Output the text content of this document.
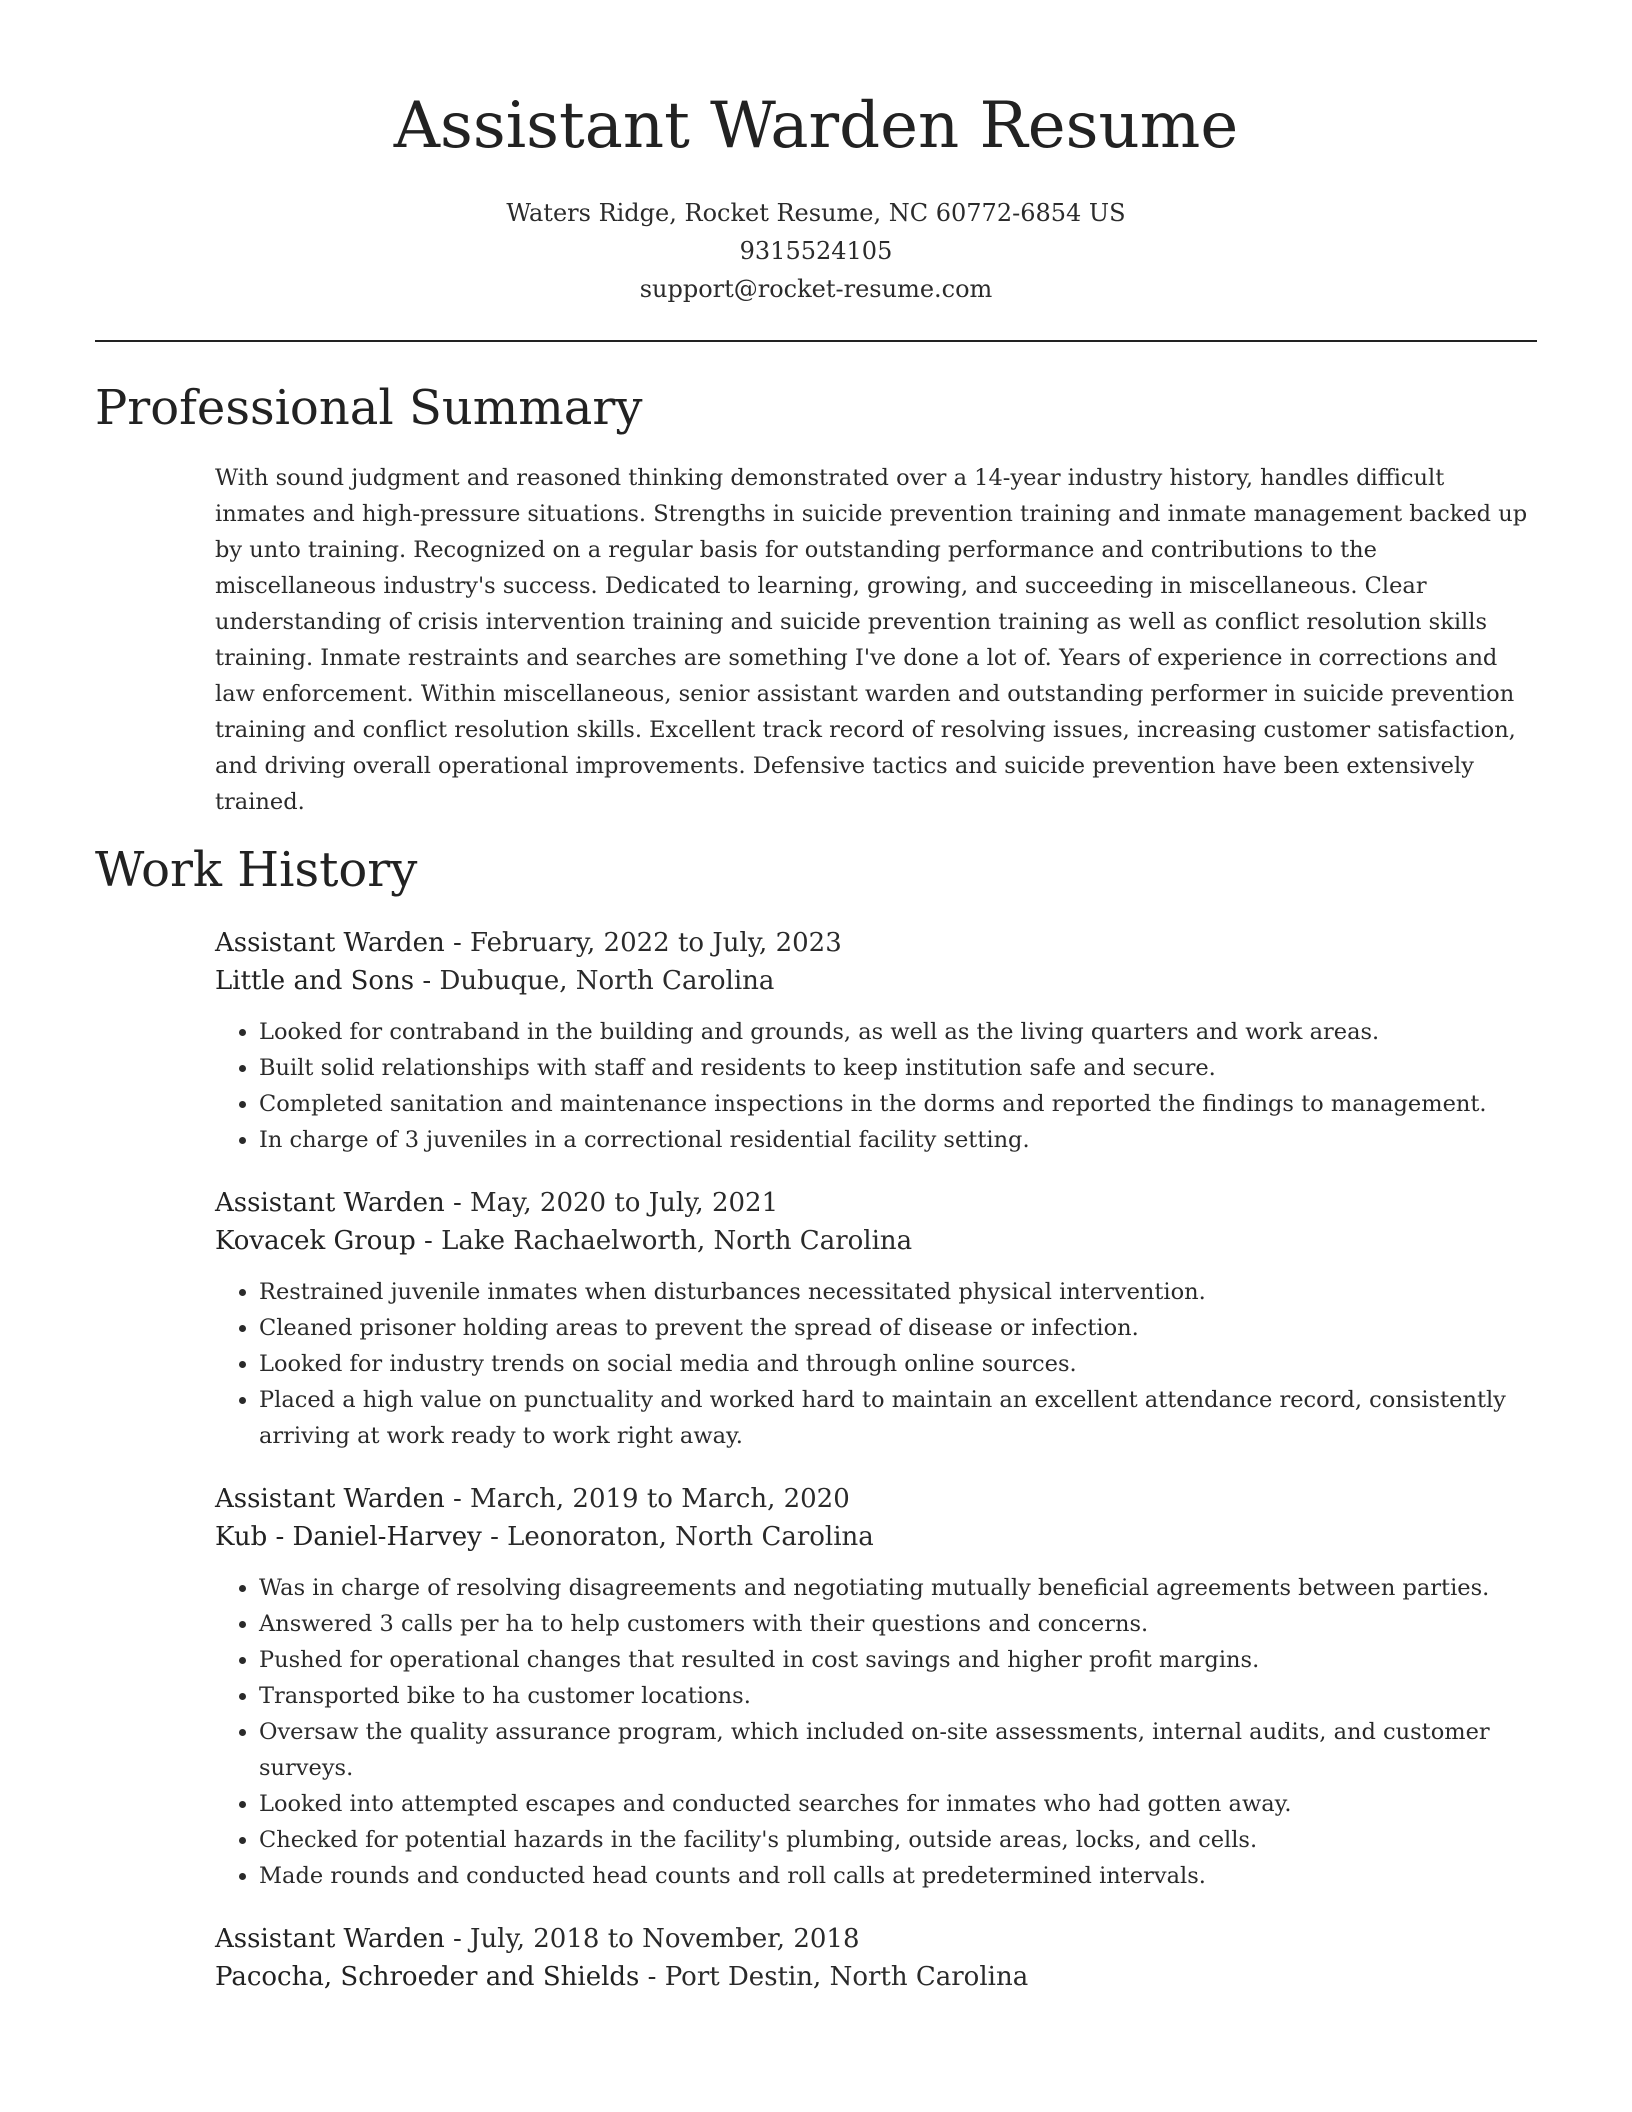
Assistant Warden Resume
Waters Ridge, Rocket Resume, NC 60772-6854 US
9315524105
support@rocket-resume.com
Professional Summary

With sound judgment and reasoned thinking demonstrated over a 14-year industry history, handles difficult inmates and high-pressure situations. Strengths in suicide prevention training and inmate management backed up by unto training. Recognized on a regular basis for outstanding performance and contributions to the miscellaneous industry's success. Dedicated to learning, growing, and succeeding in miscellaneous. Clear understanding of crisis intervention training and suicide prevention training as well as conflict resolution skills training. Inmate restraints and searches are something I've done a lot of. Years of experience in corrections and law enforcement. Within miscellaneous, senior assistant warden and outstanding performer in suicide prevention training and conflict resolution skills. Excellent track record of resolving issues, increasing customer satisfaction, and driving overall operational improvements. Defensive tactics and suicide prevention have been extensively trained.

Work History
Assistant Warden - February, 2022 to July, 2023
Little and Sons - Dubuque, North Carolina
• Looked for contraband in the building and grounds, as well as the living quarters and work areas.
• Built solid relationships with staff and residents to keep institution safe and secure.
• Completed sanitation and maintenance inspections in the dorms and reported the findings to management.
• In charge of 3 juveniles in a correctional residential facility setting.
Assistant Warden - May, 2020 to July, 2021
Kovacek Group - Lake Rachaelworth, North Carolina
• Restrained juvenile inmates when disturbances necessitated physical intervention.
• Cleaned prisoner holding areas to prevent the spread of disease or infection.
• Looked for industry trends on social media and through online sources.
• Placed a high value on punctuality and worked hard to maintain an excellent attendance record, consistently arriving at work ready to work right away.
Assistant Warden - March, 2019 to March, 2020
Kub - Daniel-Harvey - Leonoraton, North Carolina
• Was in charge of resolving disagreements and negotiating mutually beneficial agreements between parties.
• Answered 3 calls per ha to help customers with their questions and concerns.
• Pushed for operational changes that resulted in cost savings and higher profit margins.
• Transported bike to ha customer locations.
• Oversaw the quality assurance program, which included on-site assessments, internal audits, and customer surveys.
• Looked into attempted escapes and conducted searches for inmates who had gotten away.
• Checked for potential hazards in the facility's plumbing, outside areas, locks, and cells.
• Made rounds and conducted head counts and roll calls at predetermined intervals.
Assistant Warden - July, 2018 to November, 2018
Pacocha, Schroeder and Shields - Port Destin, North Carolina
